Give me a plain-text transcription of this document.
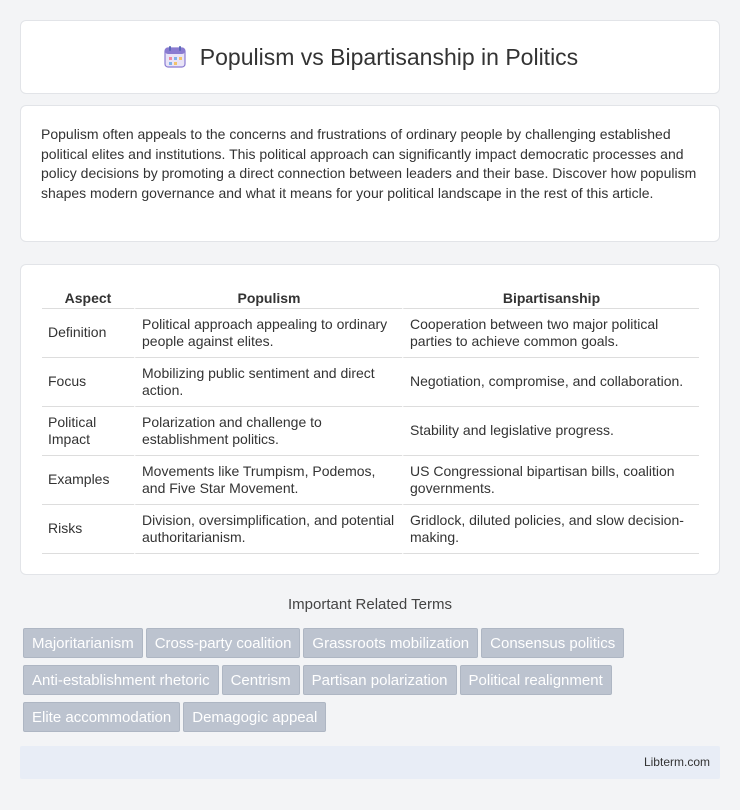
Populism vs Bipartisanship in Politics

Populism often appeals to the concerns and frustrations of ordinary people by challenging established political elites and institutions. This political approach can significantly impact democratic processes and policy decisions by promoting a direct connection between leaders and their base. Discover how populism shapes modern governance and what it means for your political landscape in the rest of this article.

Aspect	Populism	Bipartisanship
Definition	Political approach appealing to ordinary people against elites.	Cooperation between two major political parties to achieve common goals.
Focus	Mobilizing public sentiment and direct action.	Negotiation, compromise, and collaboration.
Political Impact	Polarization and challenge to establishment politics.	Stability and legislative progress.
Examples	Movements like Trumpism, Podemos, and Five Star Movement.	US Congressional bipartisan bills, coalition governments.
Risks	Division, oversimplification, and potential authoritarianism.	Gridlock, diluted policies, and slow decision-making.
Important Related Terms
Majoritarianism Cross-party coalition Grassroots mobilization Consensus politics
Anti-establishment rhetoric Centrism Partisan polarization Political realignment
Elite accommodation Demagogic appeal
Libterm.com
